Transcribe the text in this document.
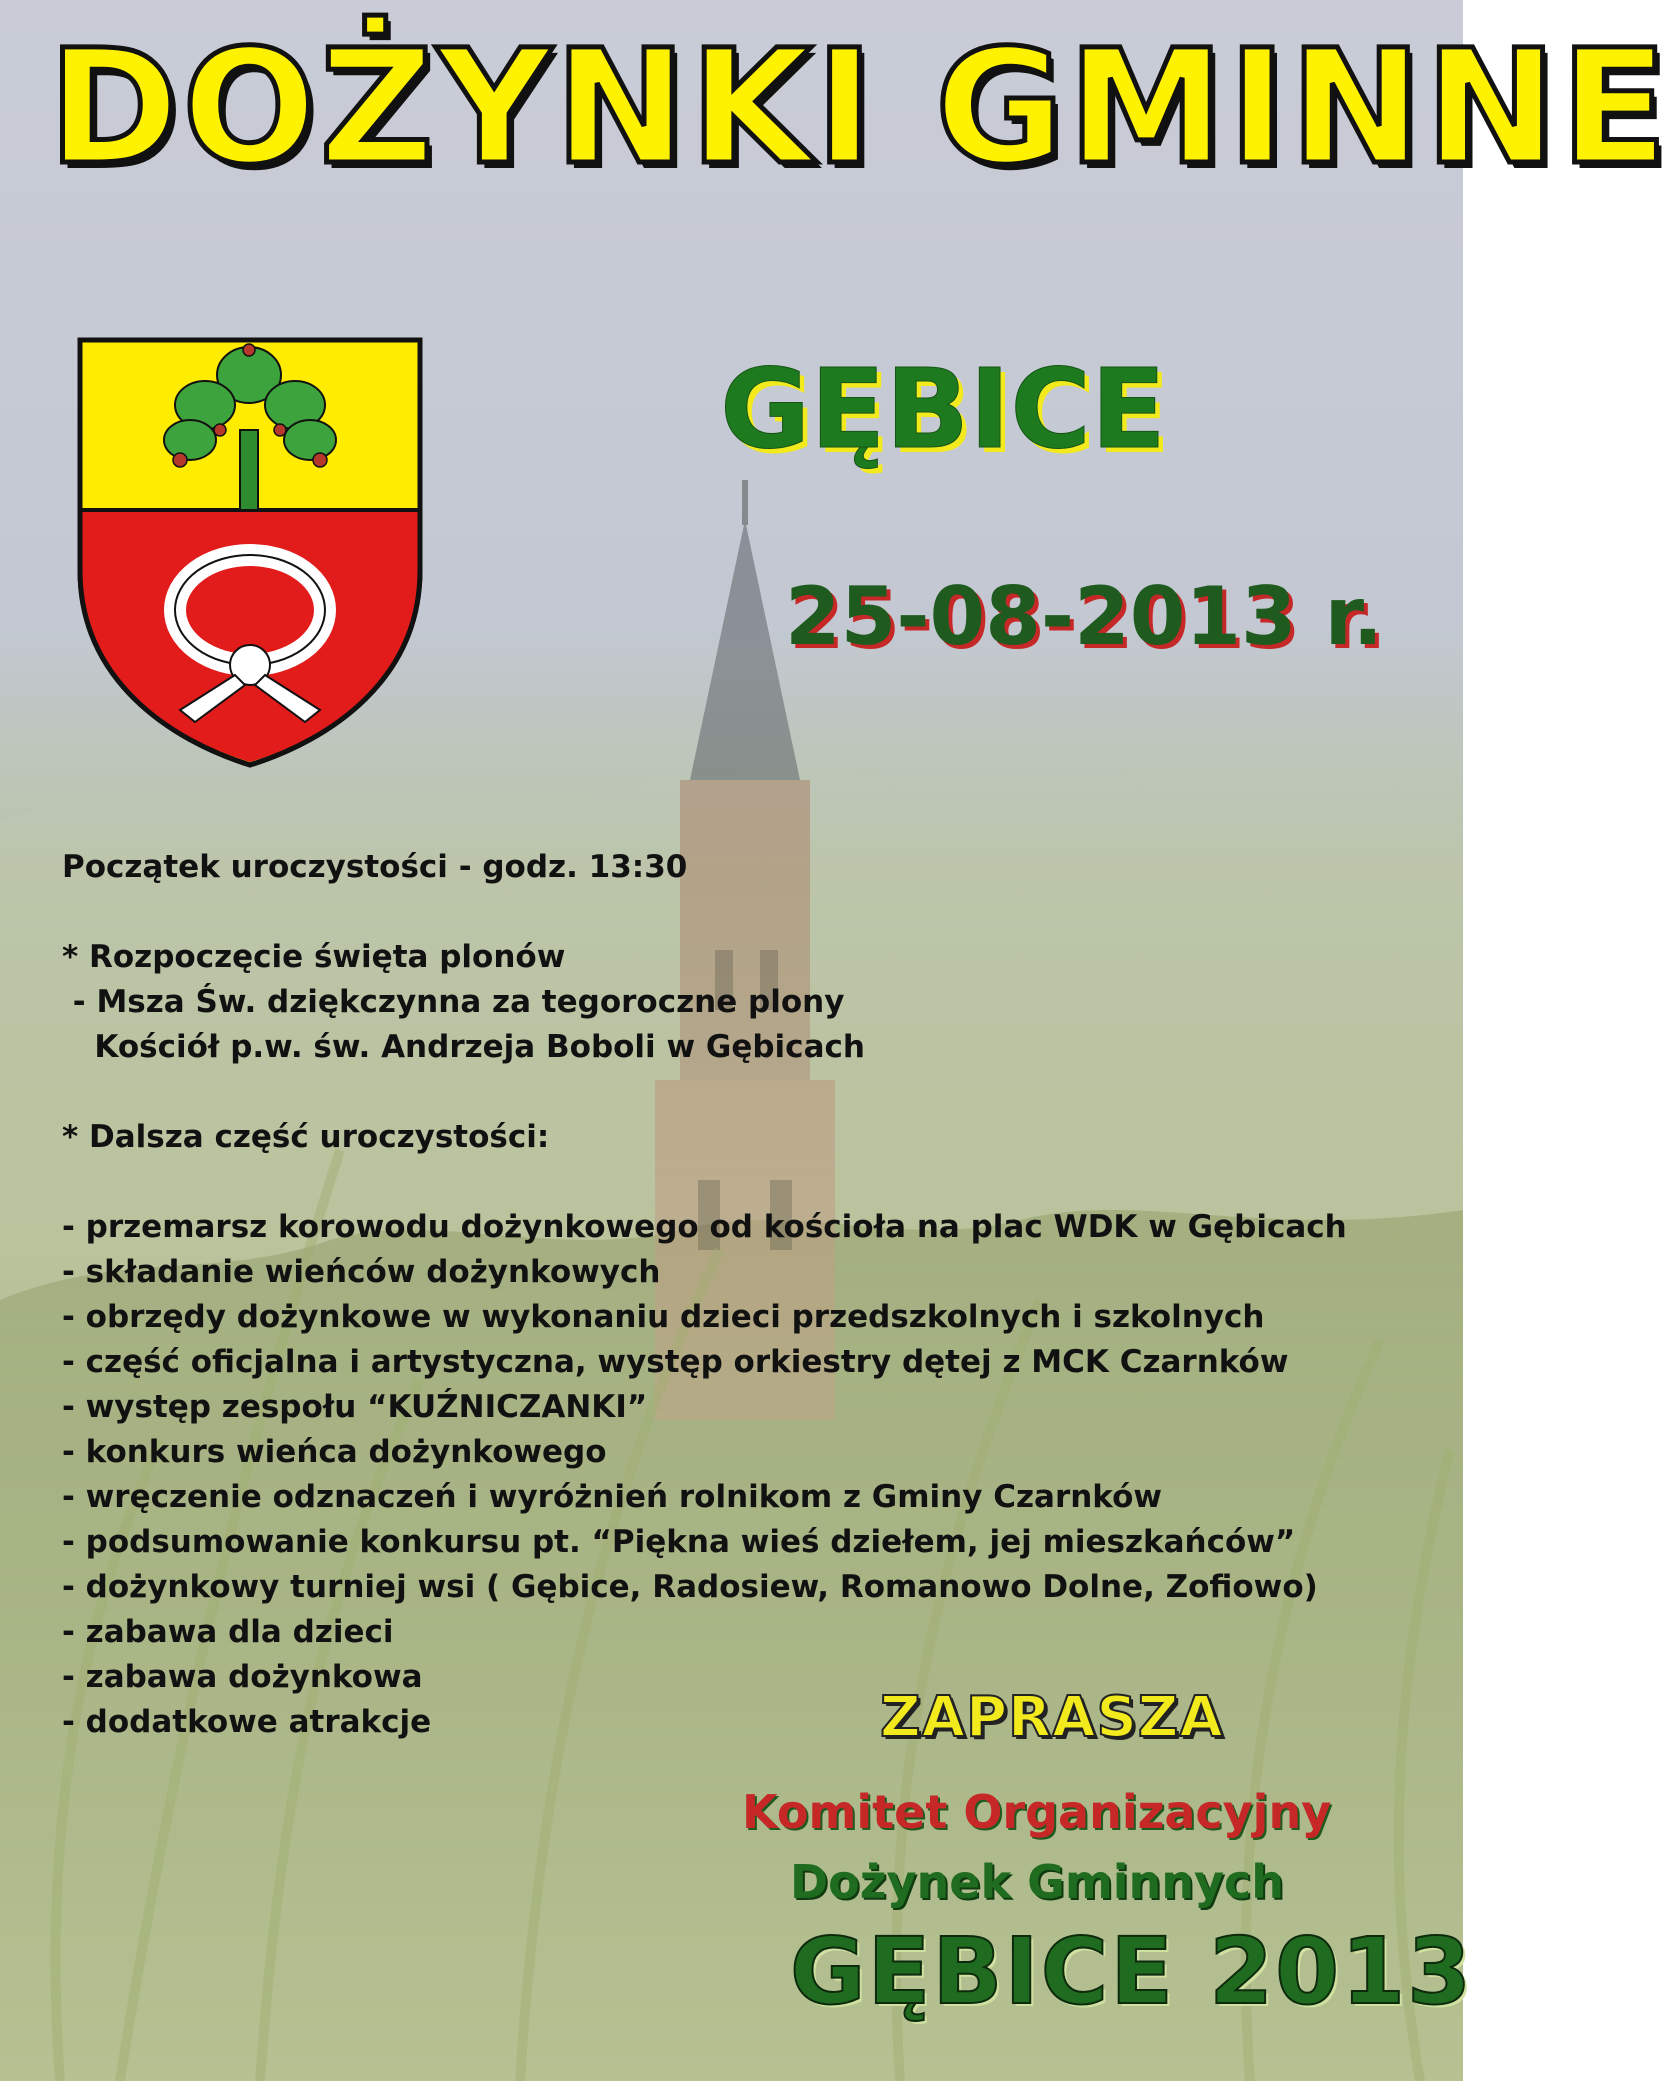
DOŻYNKI GMINNE
GĘBICE
25-08-2013 r.
Początek uroczystości - godz. 13:30
* Rozpoczęcie święta plonów
- Msza Św. dziękczynna za tegoroczne plony
Kościół p.w. św. Andrzeja Boboli w Gębicach
* Dalsza część uroczystości:
- przemarsz korowodu dożynkowego od kościoła na plac WDK w Gębicach
- składanie wieńców dożynkowych
- obrzędy dożynkowe w wykonaniu dzieci przedszkolnych i szkolnych
- część oficjalna i artystyczna, występ orkiestry dętej z MCK Czarnków
- występ zespołu “KUŹNICZANKI”
- konkurs wieńca dożynkowego
- wręczenie odznaczeń i wyróżnień rolnikom z Gminy Czarnków
- podsumowanie konkursu pt. “Piękna wieś dziełem, jej mieszkańców”
- dożynkowy turniej wsi ( Gębice, Radosiew, Romanowo Dolne, Zofiowo)
- zabawa dla dzieci
- zabawa dożynkowa
- dodatkowe atrakcje	ZAPRASZA

Komitet Organizacyjny

Dożynek Gminnych

GĘBICE 2013
